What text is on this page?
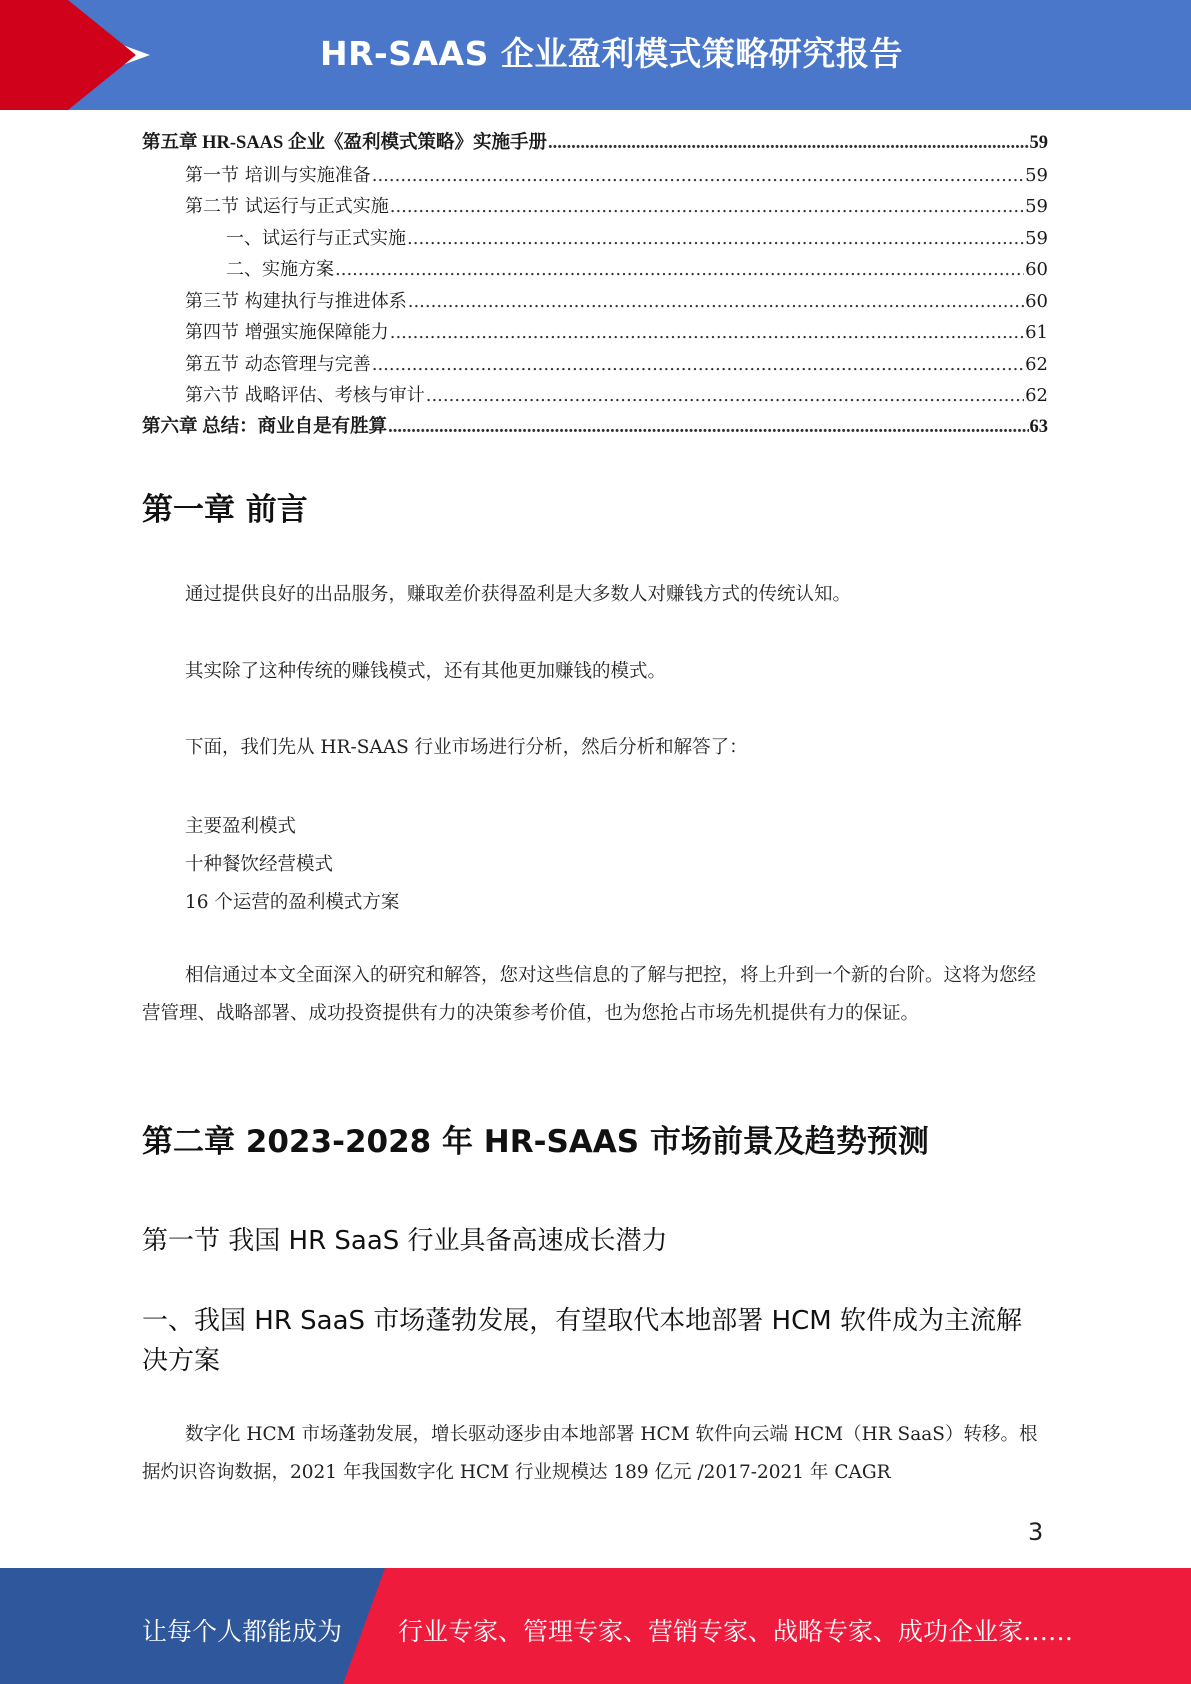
HR-SAAS 企业盈利模式策略研究报告
第五章 HR-SAAS 企业《盈利模式策略》实施手册 .....	59
第一节 培训与实施准备 .....	59
第二节 试运行与正式实施 .....	59
一、试运行与正式实施 .....	59
二、实施方案 .....	60
第三节 构建执行与推进体系 .....	60
第四节 增强实施保障能力 .....	61
第五节 动态管理与完善 .....	62
第六节 战略评估、考核与审计 .....	62
第六章 总结：商业自是有胜算 .....	63
第一章 前言
通过提供良好的出品服务，赚取差价获得盈利是大多数人对赚钱方式的传统认知。
其实除了这种传统的赚钱模式，还有其他更加赚钱的模式。
下面，我们先从 HR-SAAS 行业市场进行分析，然后分析和解答了：
主要盈利模式
十种餐饮经营模式
16 个运营的盈利模式方案
相信通过本文全面深入的研究和解答，您对这些信息的了解与把控，将上升到一个新的台阶。这将为您经营管理、战略部署、成功投资提供有力的决策参考价值，也为您抢占市场先机提供有力的保证。
第二章 2023-2028 年 HR-SAAS 市场前景及趋势预测
第一节 我国 HR SaaS 行业具备高速成长潜力
一、我国 HR SaaS 市场蓬勃发展，有望取代本地部署 HCM 软件成为主流解决方案
数字化 HCM 市场蓬勃发展，增长驱动逐步由本地部署 HCM 软件向云端 HCM（HR SaaS）转移。根据灼识咨询数据，2021 年我国数字化 HCM 行业规模达 189 亿元 /2017-2021 年 CAGR
3
让每个人都能成为 行业专家、管理专家、营销专家、战略专家、成功企业家……
